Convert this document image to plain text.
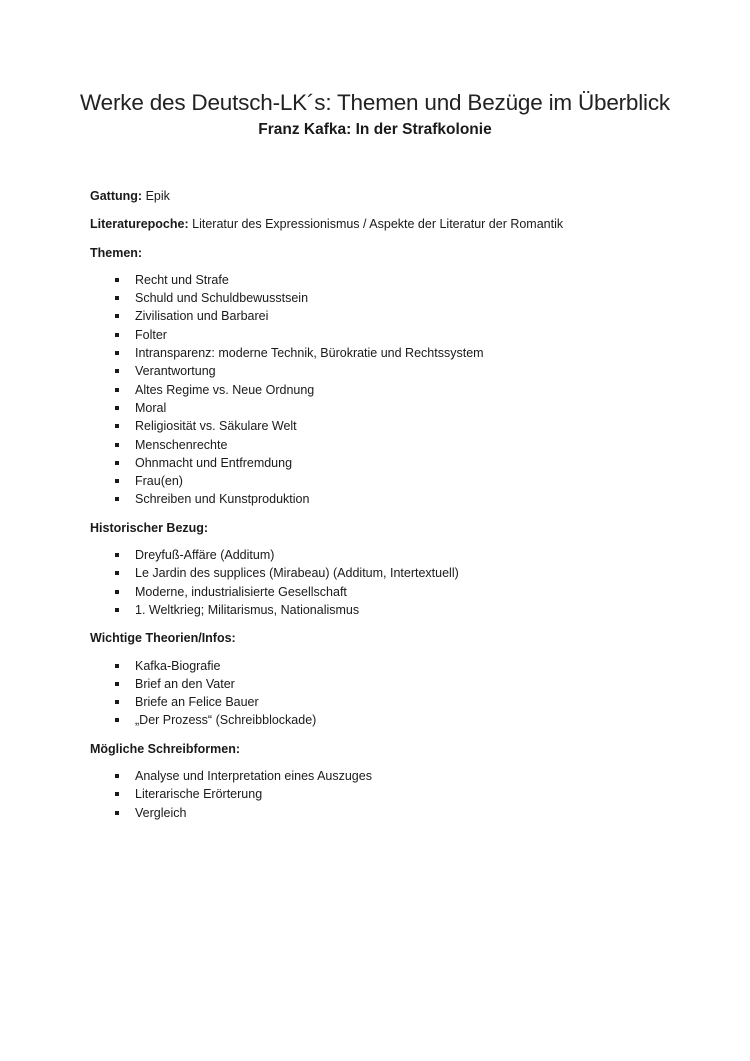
Werke des Deutsch-LK´s: Themen und Bezüge im Überblick
Franz Kafka: In der Strafkolonie

Gattung: Epik

Literaturepoche: Literatur des Expressionismus / Aspekte der Literatur der Romantik

Themen:

Recht und Strafe
Schuld und Schuldbewusstsein
Zivilisation und Barbarei
Folter
Intransparenz: moderne Technik, Bürokratie und Rechtssystem
Verantwortung
Altes Regime vs. Neue Ordnung
Moral
Religiosität vs. Säkulare Welt
Menschenrechte
Ohnmacht und Entfremdung
Frau(en)
Schreiben und Kunstproduktion

Historischer Bezug:

Dreyfuß-Affäre (Additum)
Le Jardin des supplices (Mirabeau) (Additum, Intertextuell)
Moderne, industrialisierte Gesellschaft
1. Weltkrieg; Militarismus, Nationalismus

Wichtige Theorien/Infos:

Kafka-Biografie
Brief an den Vater
Briefe an Felice Bauer
„Der Prozess“ (Schreibblockade)

Mögliche Schreibformen:

Analyse und Interpretation eines Auszuges
Literarische Erörterung
Vergleich
